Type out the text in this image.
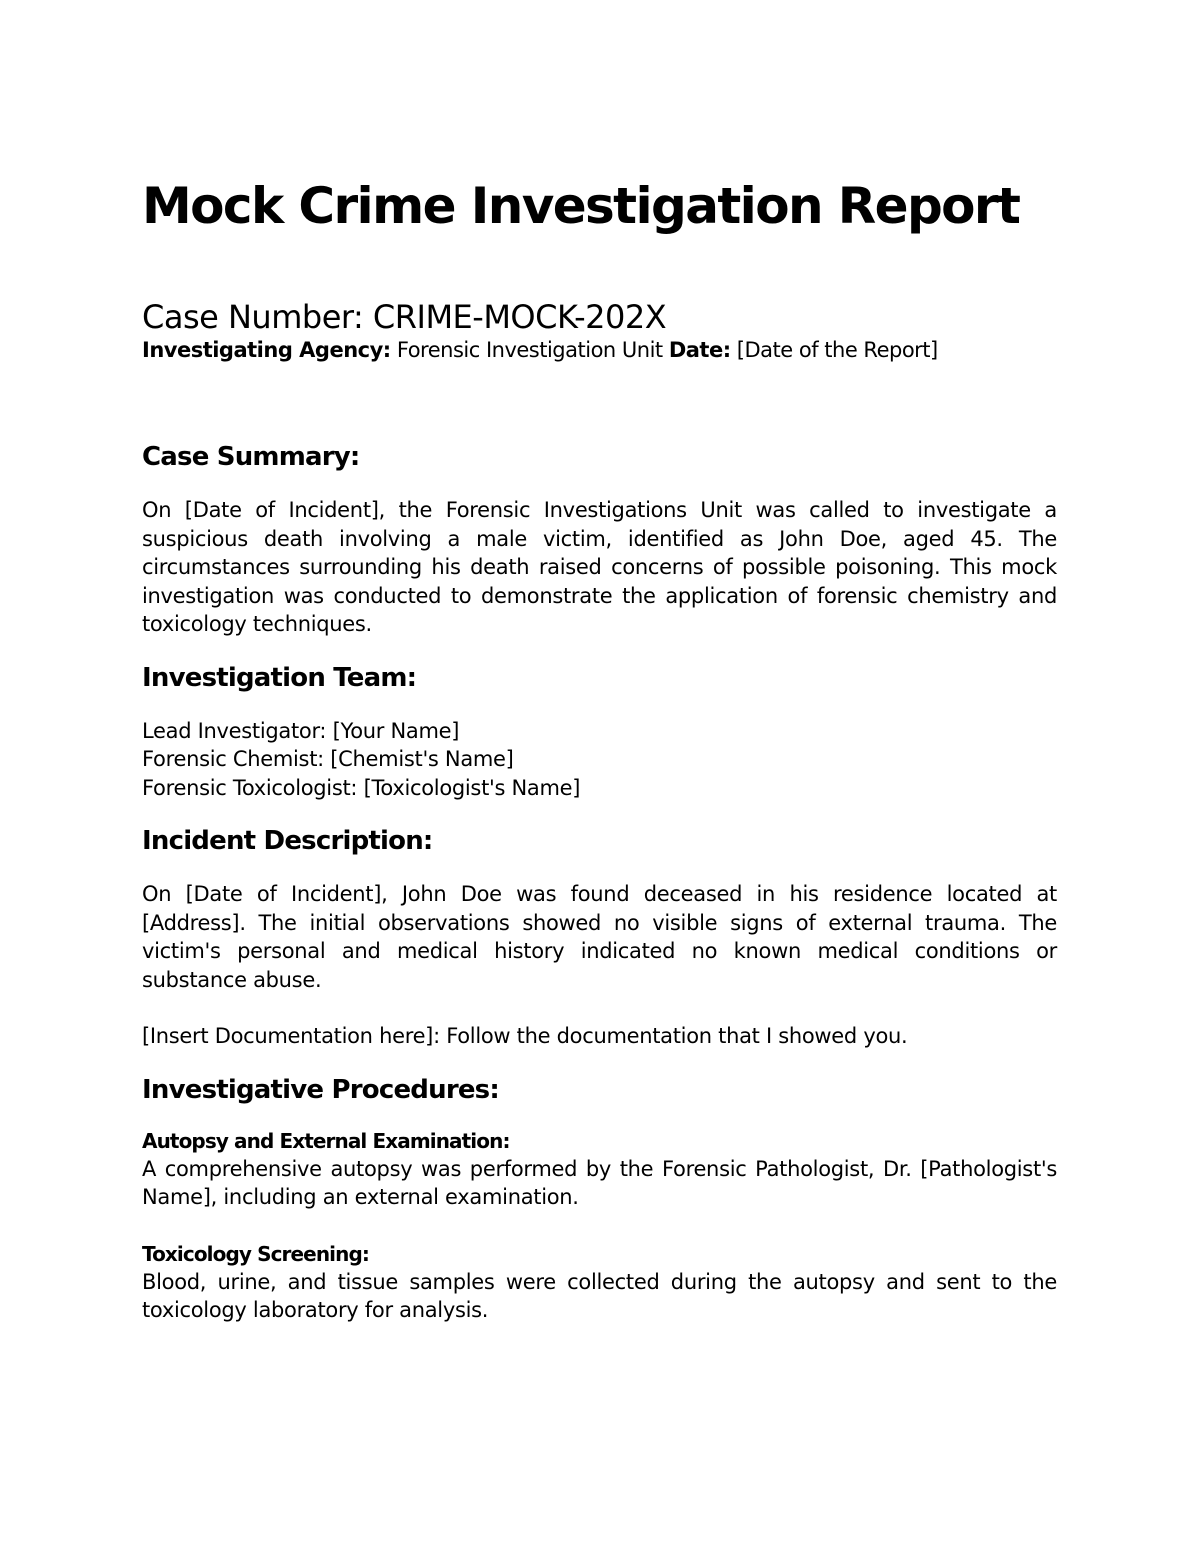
Mock Crime Investigation Report
Case Number: CRIME-MOCK-202X
Investigating Agency: Forensic Investigation Unit Date: [Date of the Report]
Case Summary:

On [Date of Incident], the Forensic Investigations Unit was called to investigate a suspicious death involving a male victim, identified as John Doe, aged 45. The circumstances surrounding his death raised concerns of possible poisoning. This mock investigation was conducted to demonstrate the application of forensic chemistry and toxicology techniques.

Investigation Team:
Lead Investigator: [Your Name]
Forensic Chemist: [Chemist's Name]
Forensic Toxicologist: [Toxicologist's Name]
Incident Description:

On [Date of Incident], John Doe was found deceased in his residence located at [Address]. The initial observations showed no visible signs of external trauma. The victim's personal and medical history indicated no known medical conditions or substance abuse.

[Insert Documentation here]: Follow the documentation that I showed you.

Investigative Procedures:
Autopsy and External Examination:

A comprehensive autopsy was performed by the Forensic Pathologist, Dr. [Pathologist's Name], including an external examination.

Toxicology Screening:

Blood, urine, and tissue samples were collected during the autopsy and sent to the toxicology laboratory for analysis.
